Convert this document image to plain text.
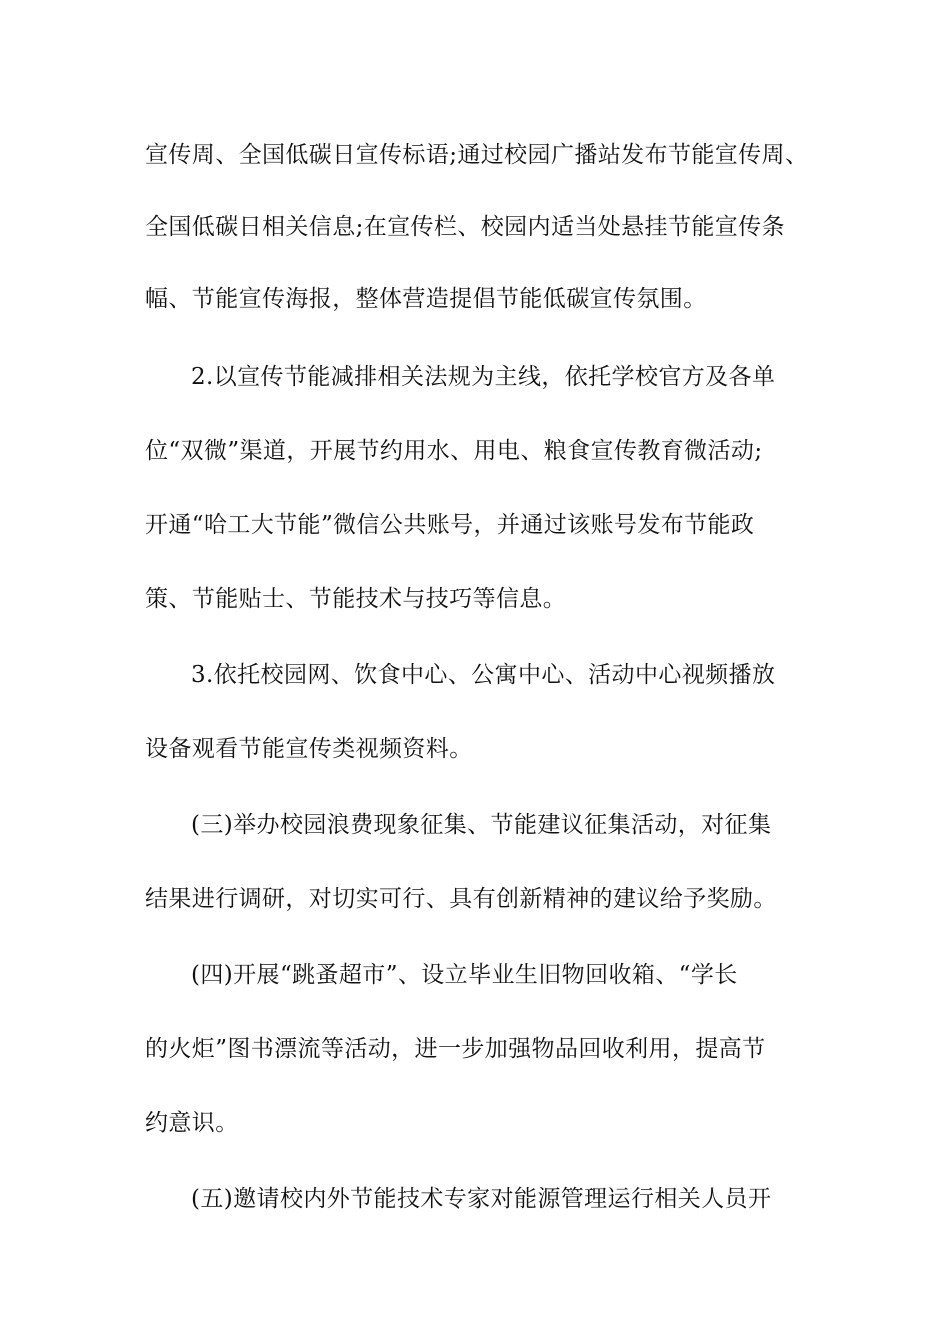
宣传周、全国低碳日宣传标语;通过校园广播站发布节能宣传周、
全国低碳日相关信息;在宣传栏、校园内适当处悬挂节能宣传条
幅、节能宣传海报，整体营造提倡节能低碳宣传氛围。
2.以宣传节能减排相关法规为主线，依托学校官方及各单
位“双微”渠道，开展节约用水、用电、粮食宣传教育微活动;
开通“哈工大节能”微信公共账号，并通过该账号发布节能政
策、节能贴士、节能技术与技巧等信息。
3.依托校园网、饮食中心、公寓中心、活动中心视频播放
设备观看节能宣传类视频资料。
(三)举办校园浪费现象征集、节能建议征集活动，对征集
结果进行调研，对切实可行、具有创新精神的建议给予奖励。
(四)开展“跳蚤超市”、设立毕业生旧物回收箱、“学长
的火炬”图书漂流等活动，进一步加强物品回收利用，提高节
约意识。
(五)邀请校内外节能技术专家对能源管理运行相关人员开
